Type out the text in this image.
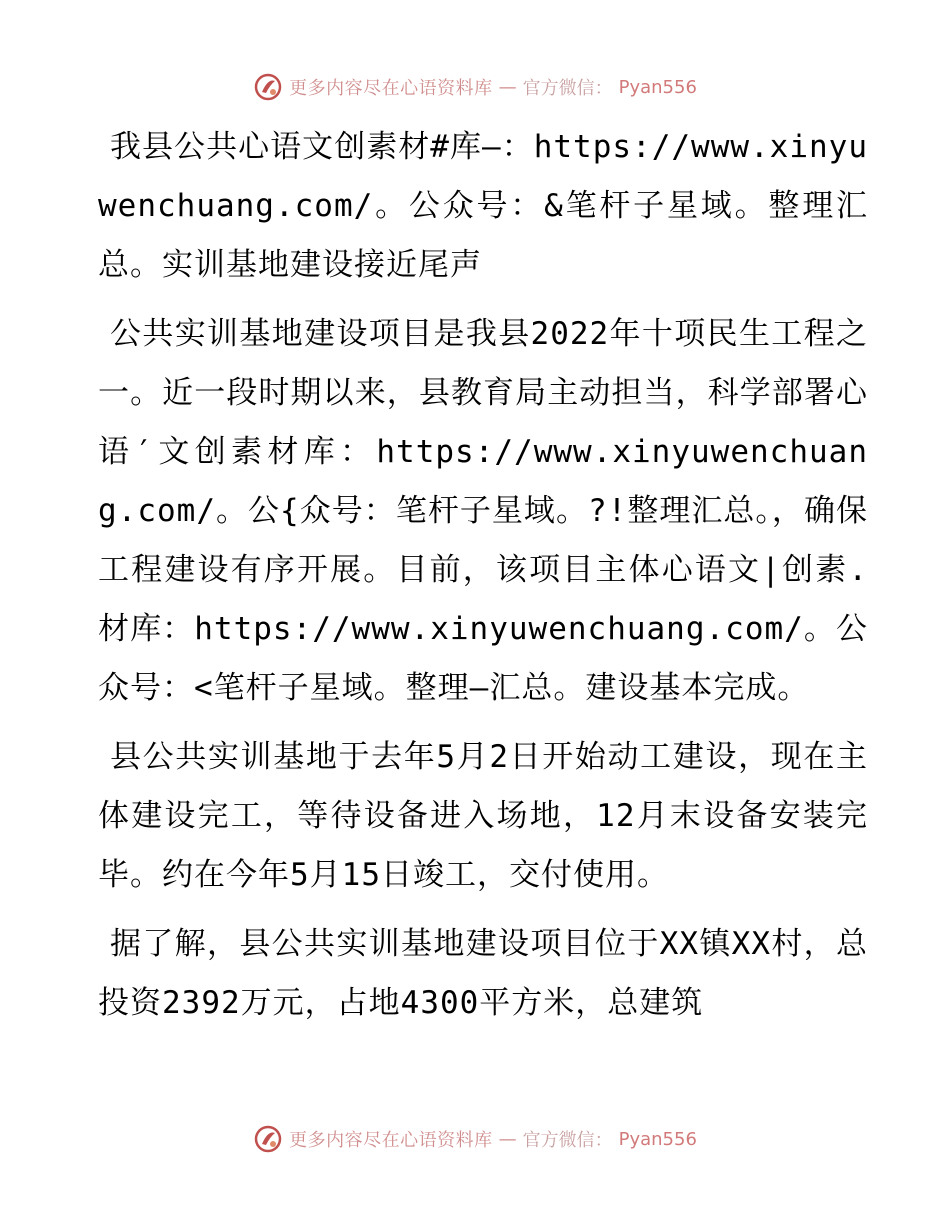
更多内容尽在心语资料库 — 官方微信： Pyan556

我县公共心语文创素材#库—：https://www.xinyuwenchuang.com/。公众号：&笔杆子星域。整理汇总。实训基地建设接近尾声

公共实训基地建设项目是我县2022年十项民生工程之一。近一段时期以来，县教育局主动担当，科学部署心语′文创素材库：https://www.xinyuwenchuang.com/。公{众号：笔杆子星域。?!整理汇总。，确保工程建设有序开展。目前，该项目主体心语文|创素.材库：https://www.xinyuwenchuang.com/。公众号：<笔杆子星域。整理—汇总。建设基本完成。

县公共实训基地于去年5月2日开始动工建设，现在主体建设完工，等待设备进入场地，12月末设备安装完毕。约在今年5月15日竣工，交付使用。

据了解，县公共实训基地建设项目位于XX镇XX村，总投资2392万元，占地4300平方米，总建筑

更多内容尽在心语资料库 — 官方微信： Pyan556
